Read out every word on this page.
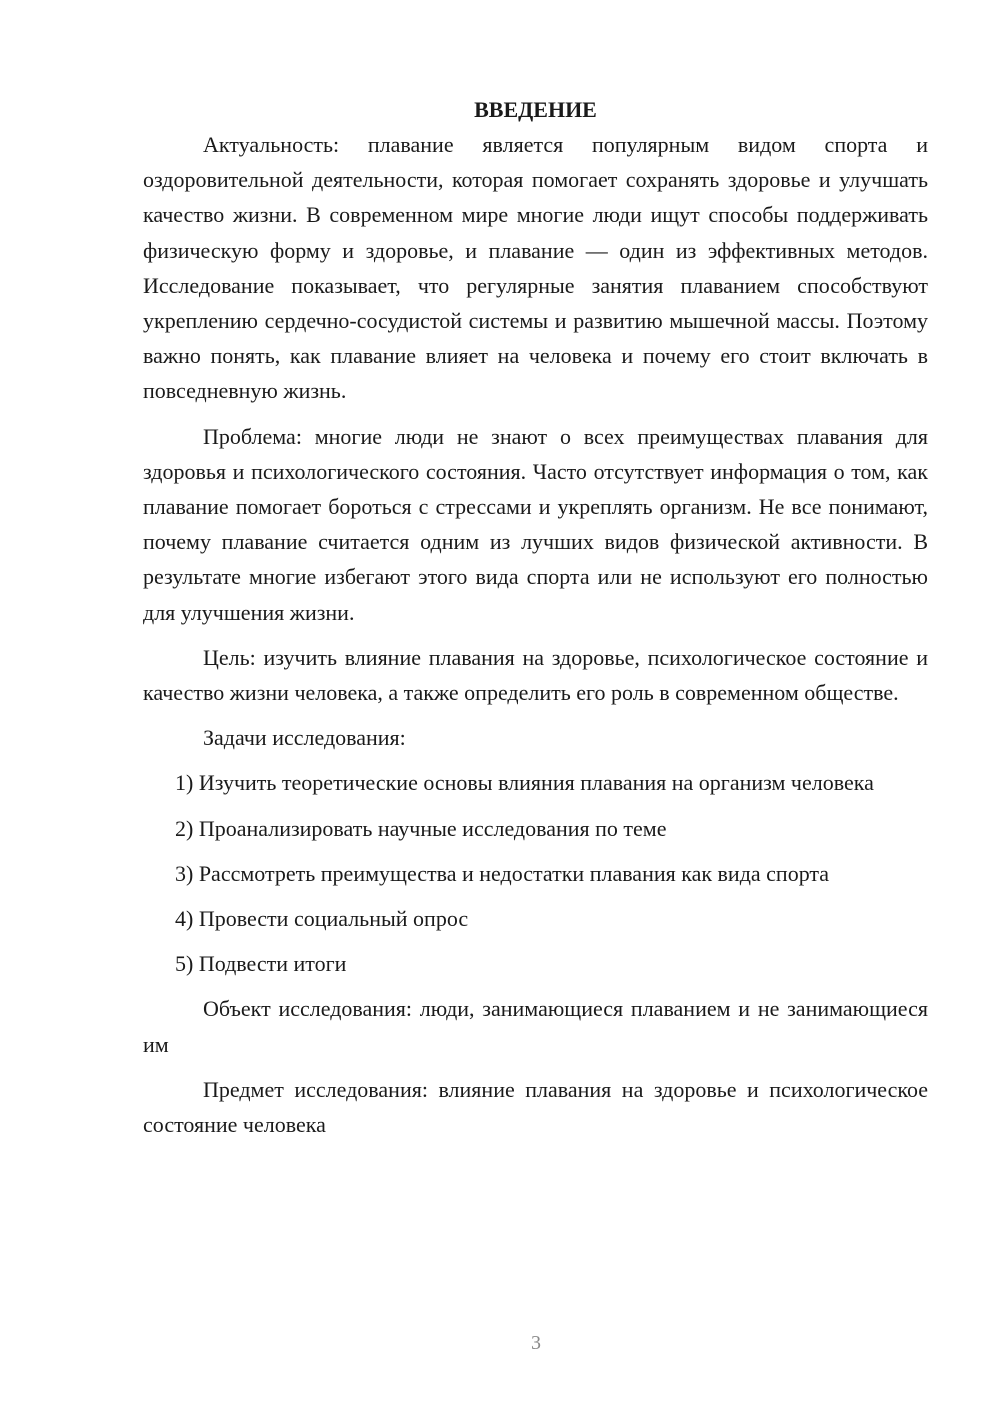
ВВЕДЕНИЕ

Актуальность: плавание является популярным видом спорта и оздоровительной деятельности, которая помогает сохранять здоровье и улучшать качество жизни. В современном мире многие люди ищут способы поддерживать физическую форму и здоровье, и плавание — один из эффективных методов. Исследование показывает, что регулярные занятия плаванием способствуют укреплению сердечно-сосудистой системы и развитию мышечной массы. Поэтому важно понять, как плавание влияет на человека и почему его стоит включать в повседневную жизнь.

Проблема: многие люди не знают о всех преимуществах плавания для здоровья и психологического состояния. Часто отсутствует информация о том, как плавание помогает бороться с стрессами и укреплять организм. Не все понимают, почему плавание считается одним из лучших видов физической активности. В результате многие избегают этого вида спорта или не используют его полностью для улучшения жизни.

Цель: изучить влияние плавания на здоровье, психологическое состояние и качество жизни человека, а также определить его роль в современном обществе.

Задачи исследования:

1) Изучить теоретические основы влияния плавания на организм человека

2) Проанализировать научные исследования по теме

3) Рассмотреть преимущества и недостатки плавания как вида спорта

4) Провести социальный опрос

5) Подвести итоги

Объект исследования: люди, занимающиеся плаванием и не занимающиеся им

Предмет исследования: влияние плавания на здоровье и психологическое состояние человека

3
